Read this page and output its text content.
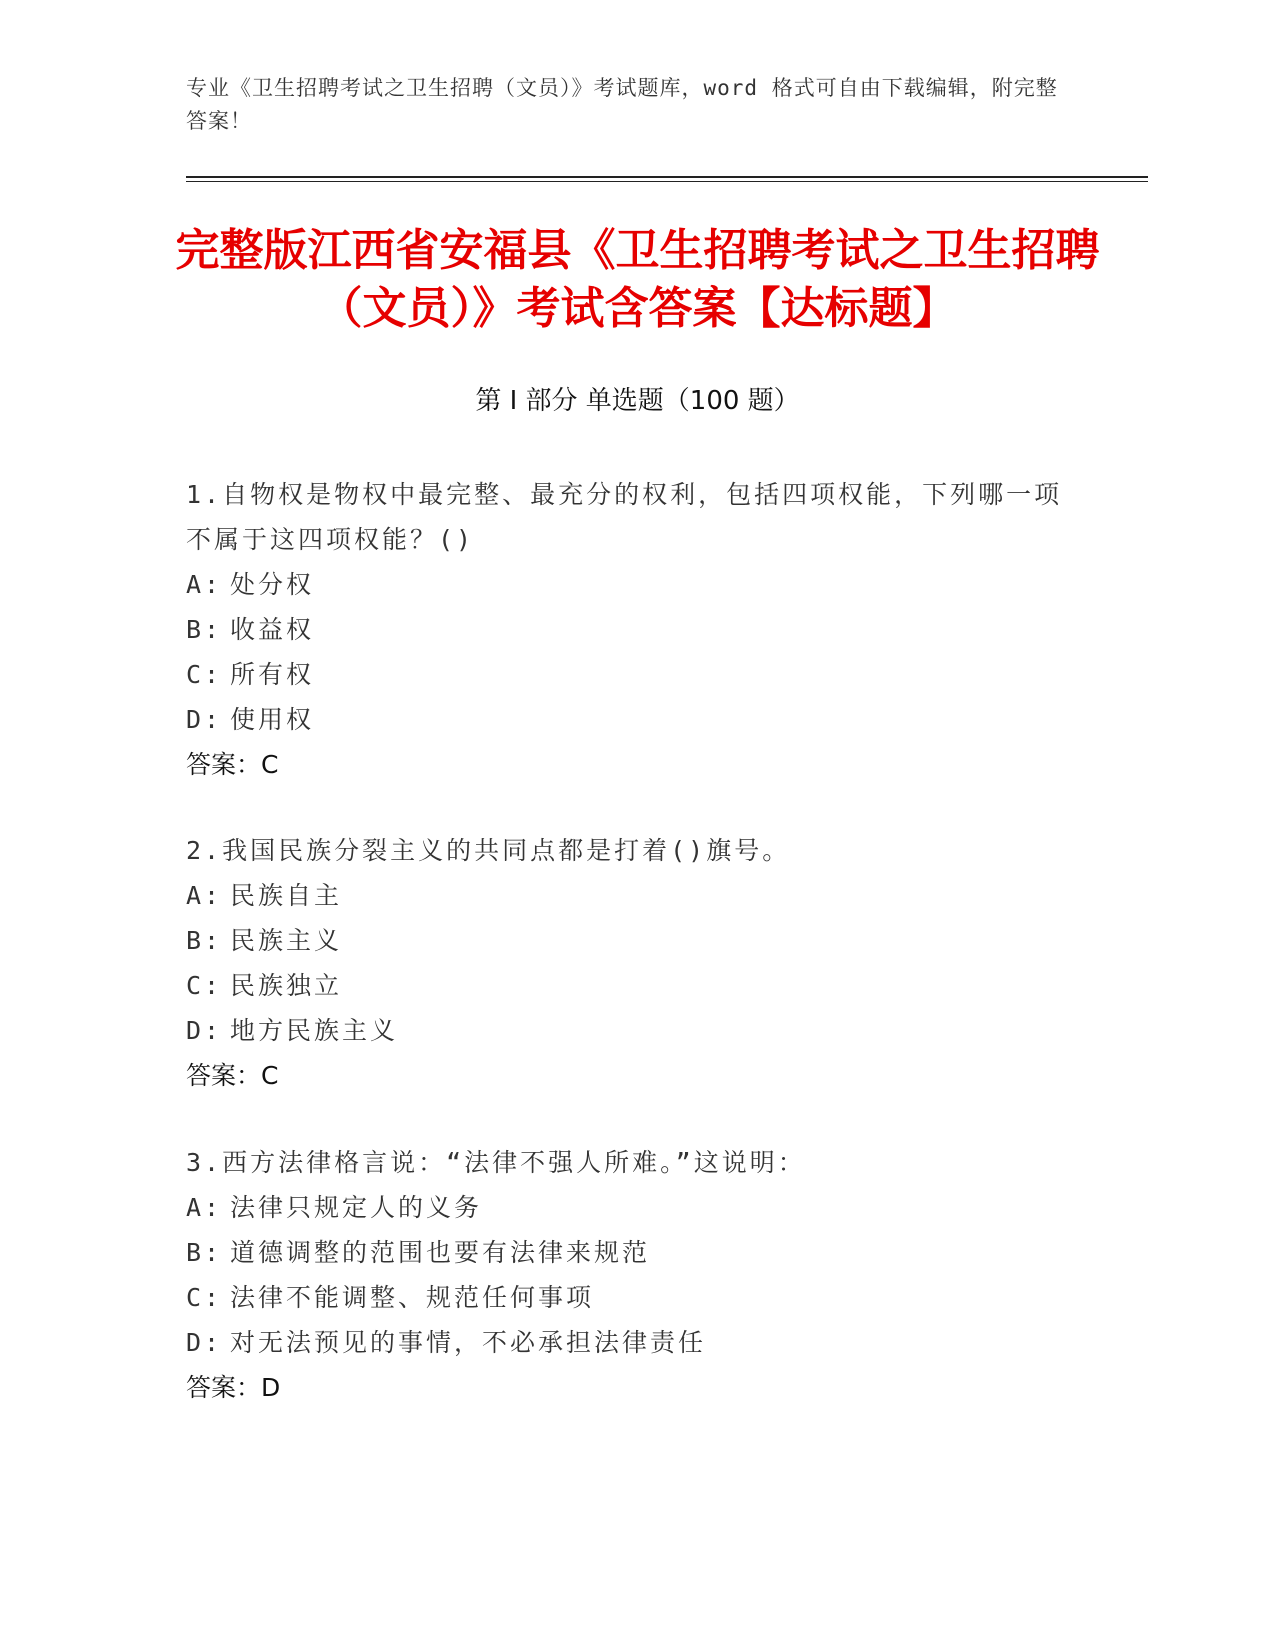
专业《卫生招聘考试之卫生招聘（文员）》考试题库，word 格式可自由下载编辑，附完整答案！
完整版江西省安福县《卫生招聘考试之卫生招聘（文员）》考试含答案【达标题】
第 I 部分 单选题（100 题）
1.自物权是物权中最完整、最充分的权利，包括四项权能，下列哪一项不属于这四项权能？()
A: 处分权
B: 收益权
C: 所有权
D: 使用权
答案：C
2.我国民族分裂主义的共同点都是打着()旗号。
A: 民族自主
B: 民族主义
C: 民族独立
D: 地方民族主义
答案：C
3.西方法律格言说：“法律不强人所难。”这说明：
A: 法律只规定人的义务
B: 道德调整的范围也要有法律来规范
C: 法律不能调整、规范任何事项
D: 对无法预见的事情，不必承担法律责任
答案：D
